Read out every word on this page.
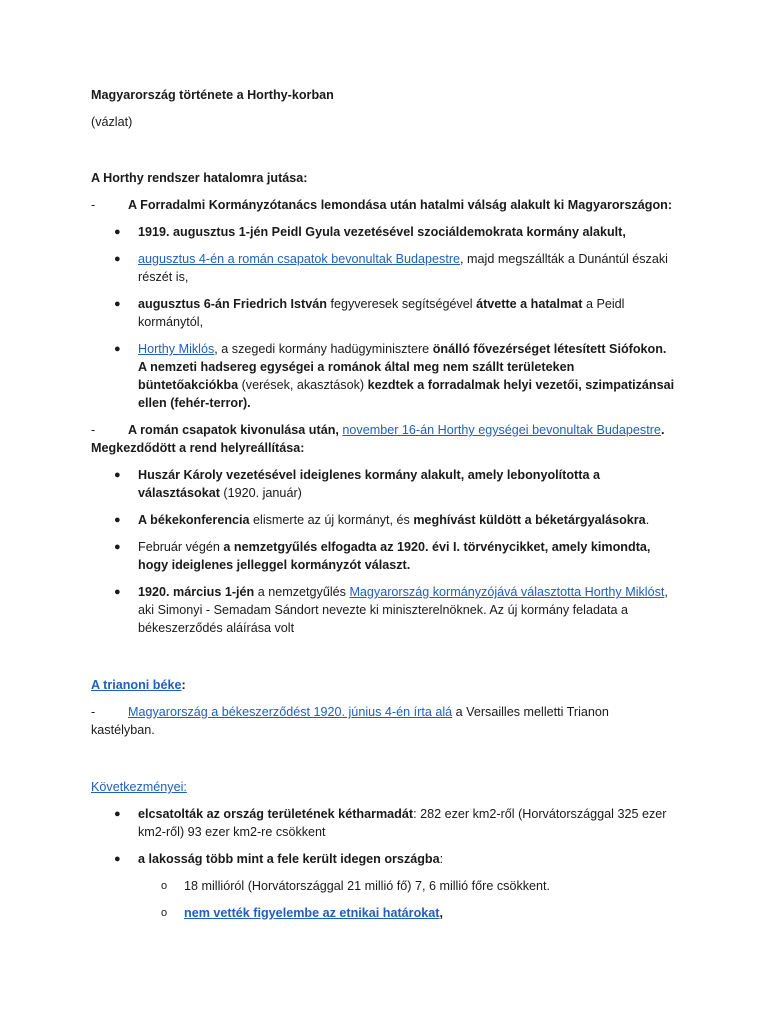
Magyarország története a Horthy-korban

(vázlat)

A Horthy rendszer hatalomra jutása:

-	A Forradalmi Kormányzótanács lemondása után hatalmi válság alakult ki Magyarországon:

● 1919. augusztus 1-jén Peidl Gyula vezetésével szociáldemokrata kormány alakult,
● augusztus 4-én a román csapatok bevonultak Budapestre, majd megszállták a Dunántúl északi részét is,
● augusztus 6-án Friedrich István fegyveresek segítségével átvette a hatalmat a Peidl kormánytól,
● Horthy Miklós, a szegedi kormány hadügyminisztere önálló fővezérséget létesített Siófokon. A nemzeti hadsereg egységei a románok által meg nem szállt területeken büntetőakciókba (verések, akasztások) kezdtek a forradalmak helyi vezetői, szimpatizánsai ellen (fehér-terror).

-	A román csapatok kivonulása után, november 16-án Horthy egységei bevonultak Budapestre. Megkezdődött a rend helyreállítása:

● Huszár Károly vezetésével ideiglenes kormány alakult, amely lebonyolította a választásokat (1920. január)
● A békekonferencia elismerte az új kormányt, és meghívást küldött a béketárgyalásokra.
● Február végén a nemzetgyűlés elfogadta az 1920. évi I. törvénycikket, amely kimondta, hogy ideiglenes jelleggel kormányzót választ.
● 1920. március 1-jén a nemzetgyűlés Magyarország kormányzójává választotta Horthy Miklóst, aki Simonyi - Semadam Sándort nevezte ki miniszterelnöknek. Az új kormány feladata a békeszerződés aláírása volt

A trianoni béke:

-	Magyarország a békeszerződést 1920. június 4-én írta alá a Versailles melletti Trianon kastélyban.

Következményei:

● elcsatolták az ország területének kétharmadát: 282 ezer km2-ről (Horvátországgal 325 ezer km2-ről) 93 ezer km2-re csökkent
● a lakosság több mint a fele került idegen országba:
o 18 millióról (Horvátországgal 21 millió fő) 7, 6 millió főre csökkent.
o nem vették figyelembe az etnikai határokat,
